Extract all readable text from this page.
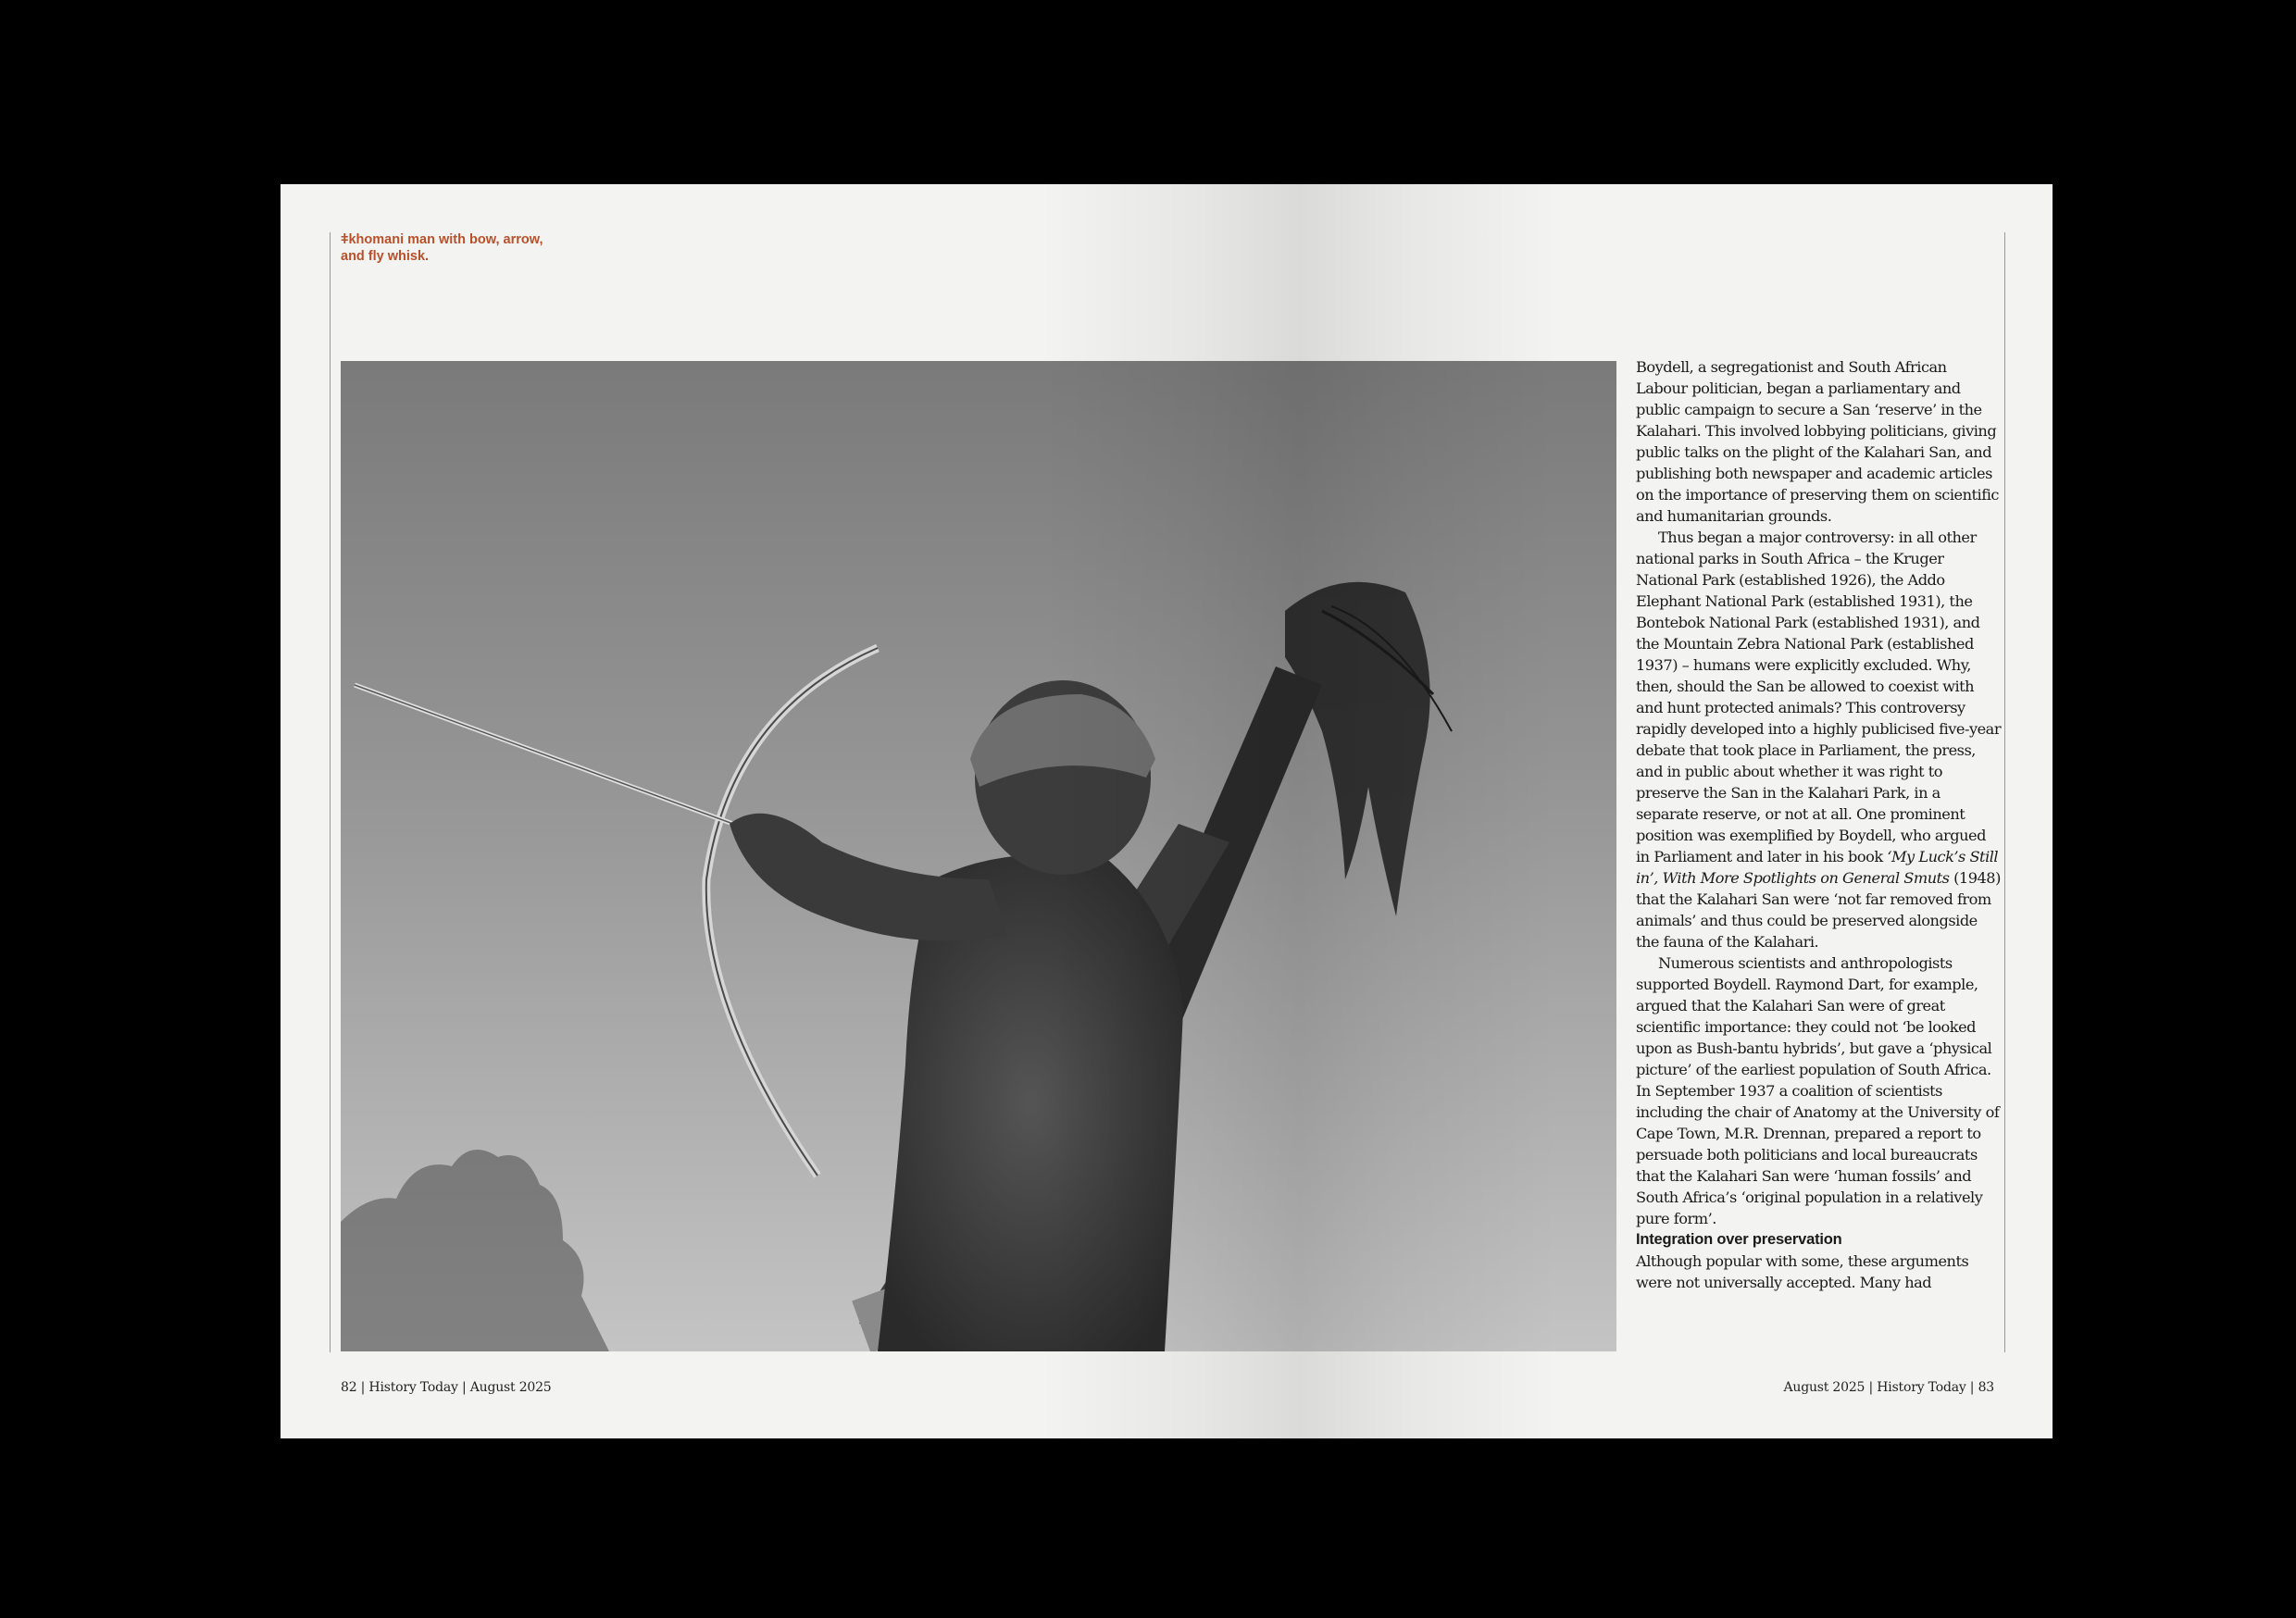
ǂkhomani man with bow, arrow, and fly whisk.

Boydell, a segregationist and South African Labour politician, began a parliamentary and public campaign to secure a San ‘reserve’ in the Kalahari. This involved lobbying politicians, giving public talks on the plight of the Kalahari San, and publishing both newspaper and academic articles on the importance of preserving them on scientific and humanitarian grounds.

Thus began a major controversy: in all other national parks in South Africa – the Kruger National Park (established 1926), the Addo Elephant National Park (established 1931), the Bontebok National Park (established 1931), and the Mountain Zebra National Park (established 1937) – humans were explicitly excluded. Why, then, should the San be allowed to coexist with and hunt protected animals? This controversy rapidly developed into a highly publicised five-year debate that took place in Parliament, the press, and in public about whether it was right to preserve the San in the Kalahari Park, in a separate reserve, or not at all. One prominent position was exemplified by Boydell, who argued in Parliament and later in his book ‘My Luck’s Still in’, With More Spotlights on General Smuts (1948) that the Kalahari San were ‘not far removed from animals’ and thus could be preserved alongside the fauna of the Kalahari.

Numerous scientists and anthropologists supported Boydell. Raymond Dart, for example, argued that the Kalahari San were of great scientific importance: they could not ‘be looked upon as Bush-bantu hybrids’, but gave a ‘physical picture’ of the earliest population of South Africa. In September 1937 a coalition of scientists including the chair of Anatomy at the University of Cape Town, M.R. Drennan, prepared a report to persuade both politicians and local bureaucrats that the Kalahari San were ‘human fossils’ and South Africa’s ‘original population in a relatively pure form’.

Integration over preservation

Although popular with some, these arguments were not universally accepted. Many had

82 | History Today | August 2025	August 2025 | History Today | 83
